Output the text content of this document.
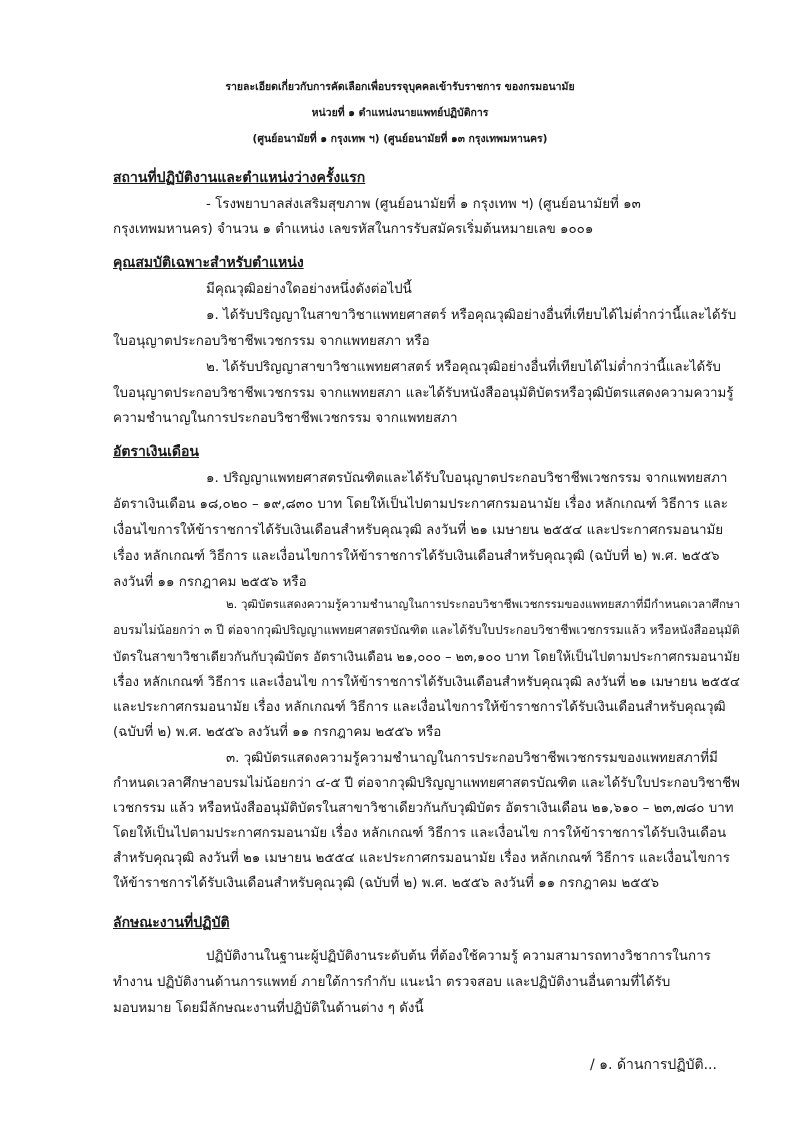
รายละเอียดเกี่ยวกับการคัดเลือกเพื่อบรรจุบุคคลเข้ารับราชการ ของกรมอนามัย
หน่วยที่ ๑ ตำแหน่งนายแพทย์ปฏิบัติการ
(ศูนย์อนามัยที่ ๑ กรุงเทพ ฯ) (ศูนย์อนามัยที่ ๑๓ กรุงเทพมหานคร)
สถานที่ปฏิบัติงานและตำแหน่งว่างครั้งแรก
- โรงพยาบาลส่งเสริมสุขภาพ (ศูนย์อนามัยที่ ๑ กรุงเทพ ฯ) (ศูนย์อนามัยที่ ๑๓
กรุงเทพมหานคร) จำนวน ๑ ตำแหน่ง เลขรหัสในการรับสมัครเริ่มต้นหมายเลข ๑๐๐๑
คุณสมบัติเฉพาะสำหรับตำแหน่ง
มีคุณวุฒิอย่างใดอย่างหนึ่งดังต่อไปนี้
๑. ได้รับปริญญาในสาขาวิชาแพทยศาสตร์ หรือคุณวุฒิอย่างอื่นที่เทียบได้ไม่ต่ำกว่านี้และได้รับ
ใบอนุญาตประกอบวิชาชีพเวชกรรม จากแพทยสภา หรือ
๒. ได้รับปริญญาสาขาวิชาแพทยศาสตร์ หรือคุณวุฒิอย่างอื่นที่เทียบได้ไม่ต่ำกว่านี้และได้รับ
ใบอนุญาตประกอบวิชาชีพเวชกรรม จากแพทยสภา และได้รับหนังสืออนุมัติบัตรหรือวุฒิบัตรแสดงความความรู้
ความชำนาญในการประกอบวิชาชีพเวชกรรม จากแพทยสภา
อัตราเงินเดือน
๑. ปริญญาแพทยศาสตรบัณฑิตและได้รับใบอนุญาตประกอบวิชาชีพเวชกรรม จากแพทยสภา
อัตราเงินเดือน ๑๘,๐๒๐ – ๑๙,๘๓๐ บาท โดยให้เป็นไปตามประกาศกรมอนามัย เรื่อง หลักเกณฑ์ วิธีการ และ
เงื่อนไขการให้ข้าราชการได้รับเงินเดือนสำหรับคุณวุฒิ ลงวันที่ ๒๑ เมษายน ๒๕๕๔ และประกาศกรมอนามัย
เรื่อง หลักเกณฑ์ วิธีการ และเงื่อนไขการให้ข้าราชการได้รับเงินเดือนสำหรับคุณวุฒิ (ฉบับที่ ๒) พ.ศ. ๒๕๕๖
ลงวันที่ ๑๑ กรกฎาคม ๒๕๕๖ หรือ
๒. วุฒิบัตรแสดงความรู้ความชำนาญในการประกอบวิชาชีพเวชกรรมของแพทยสภาที่มีกำหนดเวลาศึกษา
อบรมไม่น้อยกว่า ๓ ปี ต่อจากวุฒิปริญญาแพทยศาสตรบัณฑิต และได้รับใบประกอบวิชาชีพเวชกรรมแล้ว หรือหนังสืออนุมัติ
บัตรในสาขาวิชาเดียวกันกับวุฒิบัตร อัตราเงินเดือน ๒๑,๐๐๐ – ๒๓,๑๐๐ บาท โดยให้เป็นไปตามประกาศกรมอนามัย
เรื่อง หลักเกณฑ์ วิธีการ และเงื่อนไข การให้ข้าราชการได้รับเงินเดือนสำหรับคุณวุฒิ ลงวันที่ ๒๑ เมษายน ๒๕๕๔
และประกาศกรมอนามัย เรื่อง หลักเกณฑ์ วิธีการ และเงื่อนไขการให้ข้าราชการได้รับเงินเดือนสำหรับคุณวุฒิ
(ฉบับที่ ๒) พ.ศ. ๒๕๕๖ ลงวันที่ ๑๑ กรกฎาคม ๒๕๕๖ หรือ
๓. วุฒิบัตรแสดงความรู้ความชำนาญในการประกอบวิชาชีพเวชกรรมของแพทยสภาที่มี
กำหนดเวลาศึกษาอบรมไม่น้อยกว่า ๔-๕ ปี ต่อจากวุฒิปริญญาแพทยศาสตรบัณฑิต และได้รับใบประกอบวิชาชีพ
เวชกรรม แล้ว หรือหนังสืออนุมัติบัตรในสาขาวิชาเดียวกันกับวุฒิบัตร อัตราเงินเดือน ๒๑,๖๑๐ – ๒๓,๗๘๐ บาท
โดยให้เป็นไปตามประกาศกรมอนามัย เรื่อง หลักเกณฑ์ วิธีการ และเงื่อนไข การให้ข้าราชการได้รับเงินเดือน
สำหรับคุณวุฒิ ลงวันที่ ๒๑ เมษายน ๒๕๕๔ และประกาศกรมอนามัย เรื่อง หลักเกณฑ์ วิธีการ และเงื่อนไขการ
ให้ข้าราชการได้รับเงินเดือนสำหรับคุณวุฒิ (ฉบับที่ ๒) พ.ศ. ๒๕๕๖ ลงวันที่ ๑๑ กรกฎาคม ๒๕๕๖
ลักษณะงานที่ปฏิบัติ
ปฏิบัติงานในฐานะผู้ปฏิบัติงานระดับต้น ที่ต้องใช้ความรู้ ความสามารถทางวิชาการในการ
ทำงาน ปฏิบัติงานด้านการแพทย์ ภายใต้การกำกับ แนะนำ ตรวจสอบ และปฏิบัติงานอื่นตามที่ได้รับ
มอบหมาย โดยมีลักษณะงานที่ปฏิบัติในด้านต่าง ๆ ดังนี้
/ ๑. ด้านการปฏิบัติ...
